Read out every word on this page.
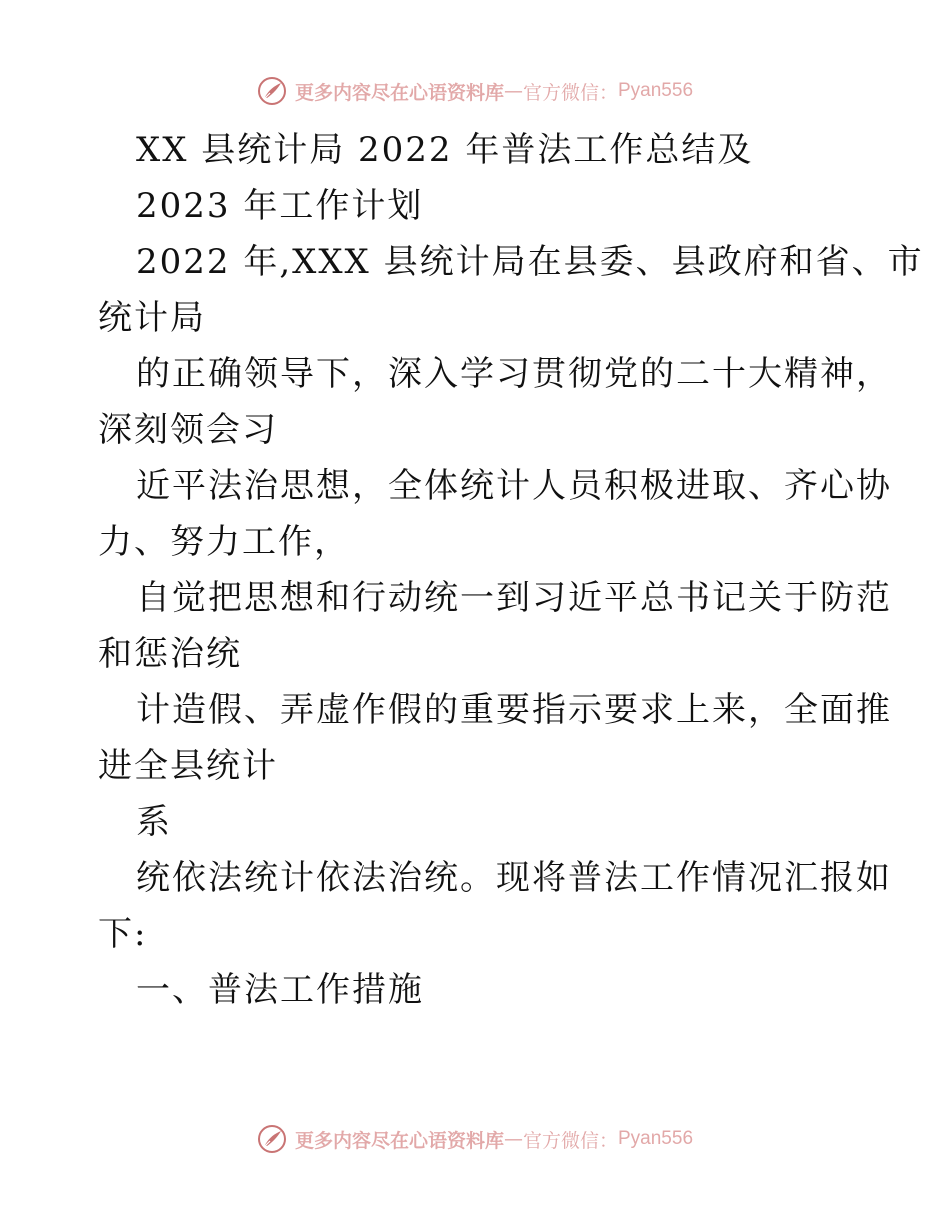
更多内容尽在心语资料库 — 官方微信： Pyan556
XX 县统计局 2022 年普法工作总结及
2023 年工作计划
2022 年,XXX 县统计局在县委、县政府和省、市
统计局
的正确领导下，深入学习贯彻党的二十大精神，
深刻领会习
近平法治思想，全体统计人员积极进取、齐心协
力、努力工作，
自觉把思想和行动统一到习近平总书记关于防范
和惩治统
计造假、弄虚作假的重要指示要求上来，全面推
进全县统计
系
统依法统计依法治统。现将普法工作情况汇报如
下:
一、普法工作措施
更多内容尽在心语资料库 — 官方微信： Pyan556
